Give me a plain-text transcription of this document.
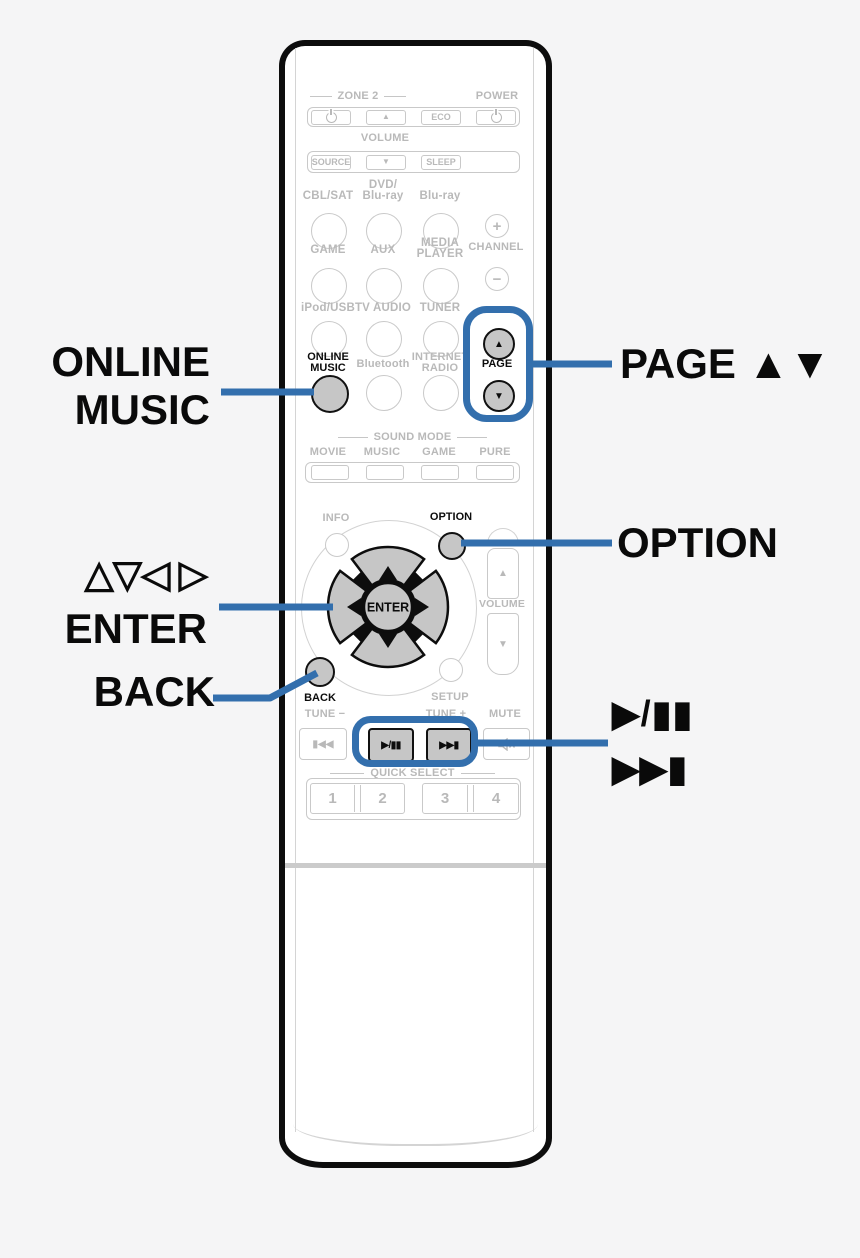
ZONE 2	POWER
▲	ECO
VOLUME
SOURCE	▼	SLEEP
CBL/SAT
DVD/
Blu-ray Blu-ray
+
GAME AUX
MEDIA
PLAYER
CHANNEL
−
iPod/USB TV AUDIO TUNER
ONLINE
MUSIC Bluetooth
INTERNET
RADIO
▲
PAGE
▼
SOUND MODE
MOVIE MUSIC GAME PURE
INFO	OPTION
BACK	SETUP
ENTER
▲
VOLUME
▼
TUNE −	TUNE + MUTE
▮◀◀	▶/▮▮	▶▶▮
QUICK SELECT
1	2	3	4
ONLINE
MUSIC
△▽◁ ▷
ENTER
BACK
PAGE ▲▼
OPTION
▶/▮▮
▶▶▮
